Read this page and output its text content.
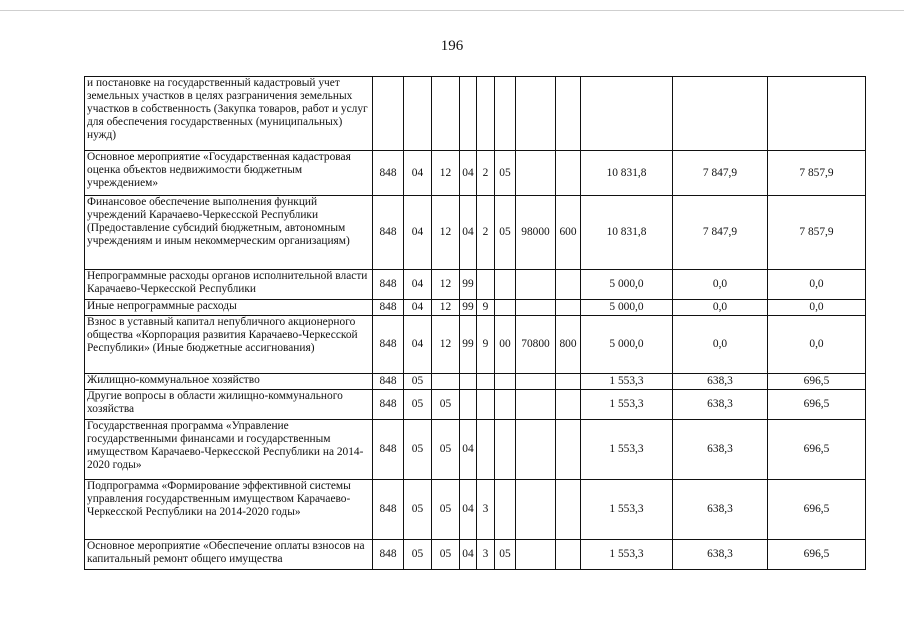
196
и постановке на государственный кадастровый учет земельных участков в целях разграничения земельных участков в собственность (Закупка товаров, работ и услуг для обеспечения государственных (муниципальных) нужд)											
Основное мероприятие «Государственная кадастровая оценка объектов недвижимости бюджетным учреждением»	848	04	12	04	2	05			10 831,8	7 847,9	7 857,9
Финансовое обеспечение выполнения функций учреждений Карачаево-Черкесской Республики (Предоставление субсидий бюджетным, автономным учреждениям и иным некоммерческим организациям)	848	04	12	04	2	05	98000	600	10 831,8	7 847,9	7 857,9
Непрограммные расходы органов исполнительной власти Карачаево-Черкесской Республики	848	04	12	99					5 000,0	0,0	0,0
Иные непрограммные расходы	848	04	12	99	9				5 000,0	0,0	0,0
Взнос в уставный капитал непубличного акционерного общества «Корпорация развития Карачаево-Черкесской Республики» (Иные бюджетные ассигнования)	848	04	12	99	9	00	70800	800	5 000,0	0,0	0,0
Жилищно-коммунальное хозяйство	848	05							1 553,3	638,3	696,5
Другие вопросы в области жилищно-коммунального хозяйства	848	05	05						1 553,3	638,3	696,5
Государственная программа «Управление государственными финансами и государственным имуществом Карачаево-Черкесской Республики на 2014-2020 годы»	848	05	05	04					1 553,3	638,3	696,5
Подпрограмма «Формирование эффективной системы управления государственным имуществом Карачаево-Черкесской Республики на 2014-2020 годы»	848	05	05	04	3				1 553,3	638,3	696,5
Основное мероприятие «Обеспечение оплаты взносов на капитальный ремонт общего имущества	848	05	05	04	3	05			1 553,3	638,3	696,5
